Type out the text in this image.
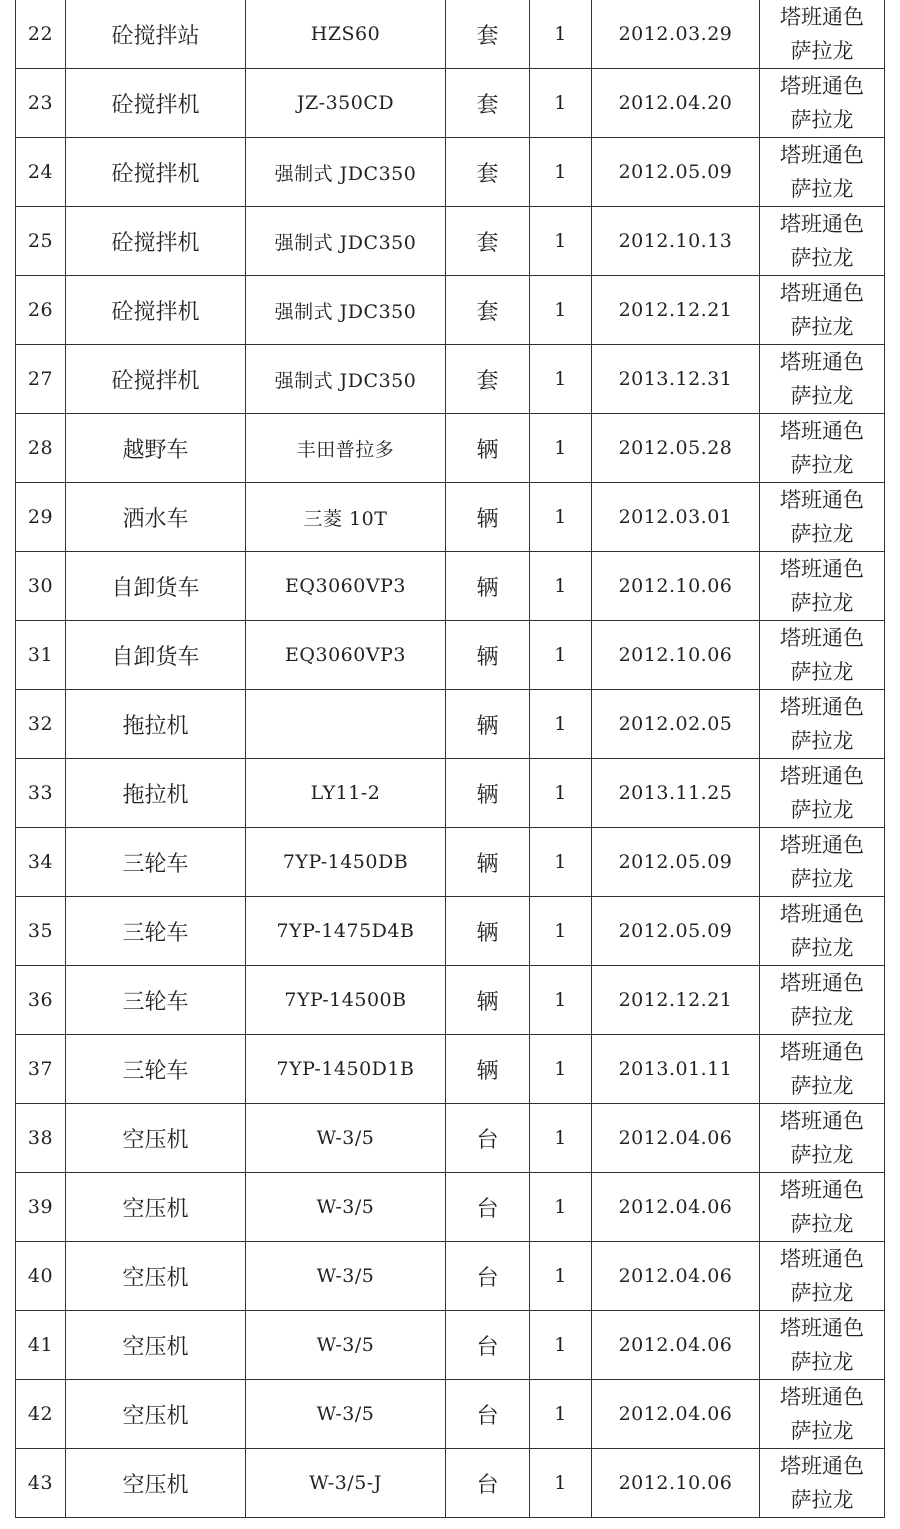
22	砼搅拌站	HZS60	套	1	2012.03.29	塔班通色
萨拉龙

23	砼搅拌机	JZ-350CD	套	1	2012.04.20	塔班通色
萨拉龙

24	砼搅拌机	强制式 JDC350	套	1	2012.05.09	塔班通色
萨拉龙

25	砼搅拌机	强制式 JDC350	套	1	2012.10.13	塔班通色
萨拉龙

26	砼搅拌机	强制式 JDC350	套	1	2012.12.21	塔班通色
萨拉龙

27	砼搅拌机	强制式 JDC350	套	1	2013.12.31	塔班通色
萨拉龙

28	越野车	丰田普拉多	辆	1	2012.05.28	塔班通色
萨拉龙

29	洒水车	三菱 10T	辆	1	2012.03.01	塔班通色
萨拉龙

30	自卸货车	EQ3060VP3	辆	1	2012.10.06	塔班通色
萨拉龙

31	自卸货车	EQ3060VP3	辆	1	2012.10.06	塔班通色
萨拉龙

32	拖拉机		辆	1	2012.02.05	塔班通色
萨拉龙

33	拖拉机	LY11-2	辆	1	2013.11.25	塔班通色
萨拉龙

34	三轮车	7YP-1450DB	辆	1	2012.05.09	塔班通色
萨拉龙

35	三轮车	7YP-1475D4B	辆	1	2012.05.09	塔班通色
萨拉龙

36	三轮车	7YP-14500B	辆	1	2012.12.21	塔班通色
萨拉龙

37	三轮车	7YP-1450D1B	辆	1	2013.01.11	塔班通色
萨拉龙

38	空压机	W-3/5	台	1	2012.04.06	塔班通色
萨拉龙

39	空压机	W-3/5	台	1	2012.04.06	塔班通色
萨拉龙

40	空压机	W-3/5	台	1	2012.04.06	塔班通色
萨拉龙

41	空压机	W-3/5	台	1	2012.04.06	塔班通色
萨拉龙

42	空压机	W-3/5	台	1	2012.04.06	塔班通色
萨拉龙

43	空压机	W-3/5-J	台	1	2012.10.06	塔班通色
萨拉龙
